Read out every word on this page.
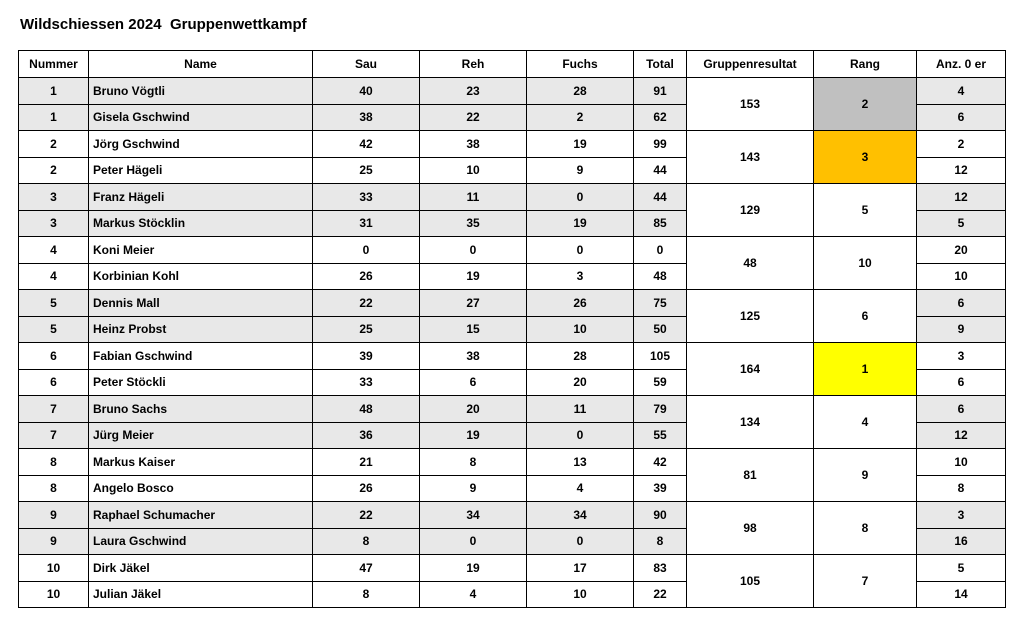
Wildschiessen 2024  Gruppenwettkampf
Nummer	Name	Sau	Reh	Fuchs	Total	Gruppenresultat	Rang	Anz. 0 er
1	Bruno Vögtli	40	23	28	91	153	2	4
1	Gisela Gschwind	38	22	2	62			6
2	Jörg Gschwind	42	38	19	99	143	3	2
2	Peter Hägeli	25	10	9	44			12
3	Franz Hägeli	33	11	0	44	129	5	12
3	Markus Stöcklin	31	35	19	85			5
4	Koni Meier	0	0	0	0	48	10	20
4	Korbinian Kohl	26	19	3	48			10
5	Dennis Mall	22	27	26	75	125	6	6
5	Heinz Probst	25	15	10	50			9
6	Fabian Gschwind	39	38	28	105	164	1	3
6	Peter Stöckli	33	6	20	59			6
7	Bruno Sachs	48	20	11	79	134	4	6
7	Jürg Meier	36	19	0	55			12
8	Markus Kaiser	21	8	13	42	81	9	10
8	Angelo Bosco	26	9	4	39			8
9	Raphael Schumacher	22	34	34	90	98	8	3
9	Laura Gschwind	8	0	0	8			16
10	Dirk Jäkel	47	19	17	83	105	7	5
10	Julian Jäkel	8	4	10	22			14
